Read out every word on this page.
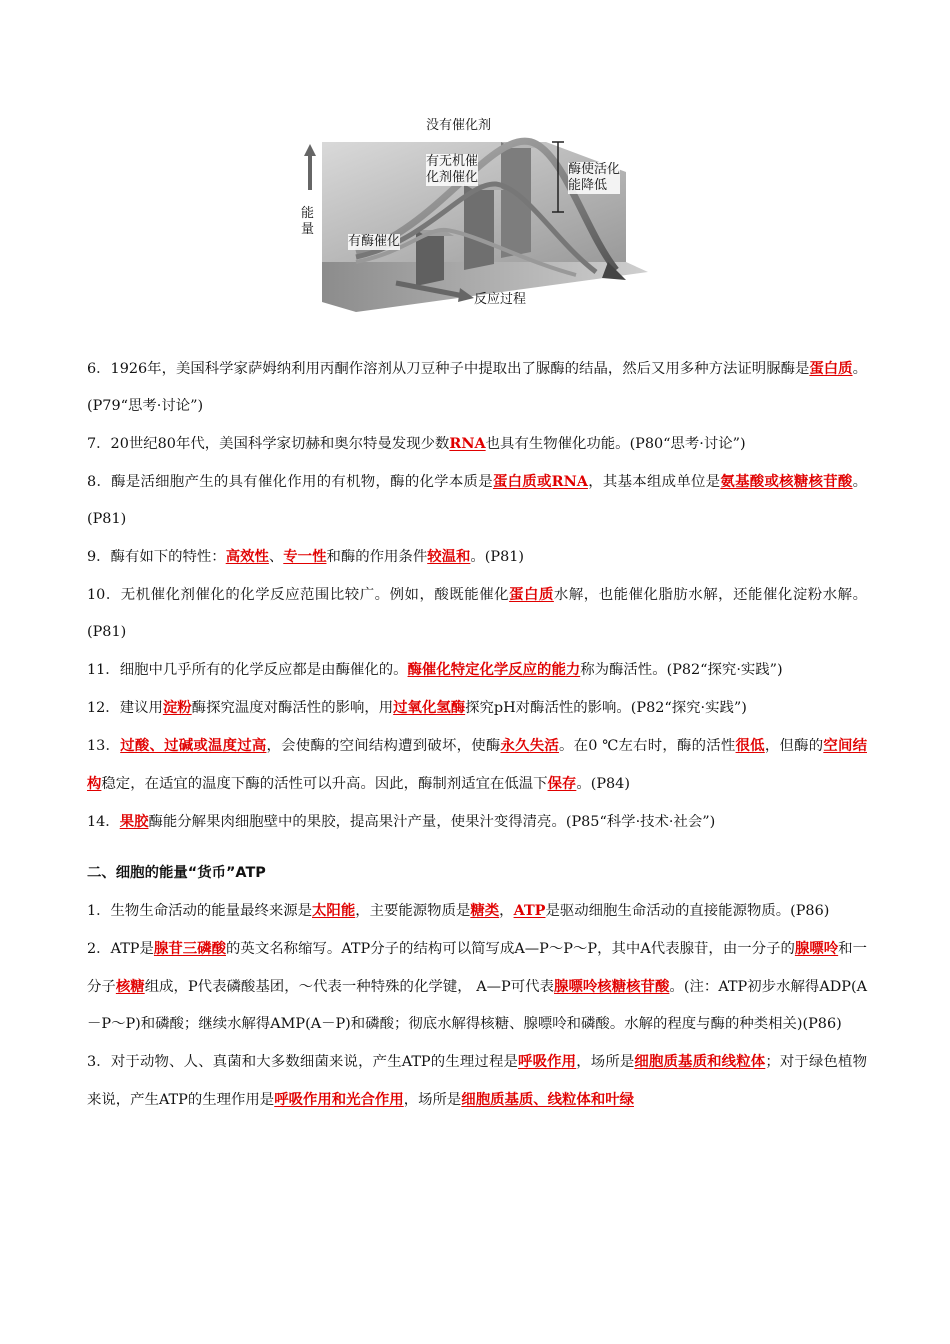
没有催化剂
有无机催
化剂催化
酶使活化
能降低
能
量
有酶催化
反应过程

6．1926年，美国科学家萨姆纳利用丙酮作溶剂从刀豆种子中提取出了脲酶的结晶，然后又用多种方法证明脲酶是蛋白质。(P79“思考·讨论”)

7．20世纪80年代，美国科学家切赫和奥尔特曼发现少数RNA也具有生物催化功能。(P80“思考·讨论”)

8．酶是活细胞产生的具有催化作用的有机物，酶的化学本质是蛋白质或RNA，其基本组成单位是氨基酸或核糖核苷酸。(P81)

9．酶有如下的特性：高效性、专一性和酶的作用条件较温和。(P81)

10．无机催化剂催化的化学反应范围比较广。例如，酸既能催化蛋白质水解，也能催化脂肪水解，还能催化淀粉水解。(P81)

11．细胞中几乎所有的化学反应都是由酶催化的。酶催化特定化学反应的能力称为酶活性。(P82“探究·实践”)

12．建议用淀粉酶探究温度对酶活性的影响，用过氧化氢酶探究pH对酶活性的影响。(P82“探究·实践”)

13．过酸、过碱或温度过高，会使酶的空间结构遭到破坏，使酶永久失活。在0 ℃左右时，酶的活性很低，但酶的空间结构稳定，在适宜的温度下酶的活性可以升高。因此，酶制剂适宜在低温下保存。(P84)

14．果胶酶能分解果肉细胞壁中的果胶，提高果汁产量，使果汁变得清亮。(P85“科学·技术·社会”)

二、细胞的能量“货币”ATP

1．生物生命活动的能量最终来源是太阳能，主要能源物质是糖类，ATP是驱动细胞生命活动的直接能源物质。(P86)

2．ATP是腺苷三磷酸的英文名称缩写。ATP分子的结构可以简写成A—P～P～P，其中A代表腺苷，由一分子的腺嘌呤和一分子核糖组成，P代表磷酸基团，～代表一种特殊的化学键， A—P可代表腺嘌呤核糖核苷酸。(注：ATP初步水解得ADP(A－P～P)和磷酸；继续水解得AMP(A－P)和磷酸；彻底水解得核糖、腺嘌呤和磷酸。水解的程度与酶的种类相关)(P86)

3．对于动物、人、真菌和大多数细菌来说，产生ATP的生理过程是呼吸作用，场所是细胞质基质和线粒体；对于绿色植物来说，产生ATP的生理作用是呼吸作用和光合作用，场所是细胞质基质、线粒体和叶绿
